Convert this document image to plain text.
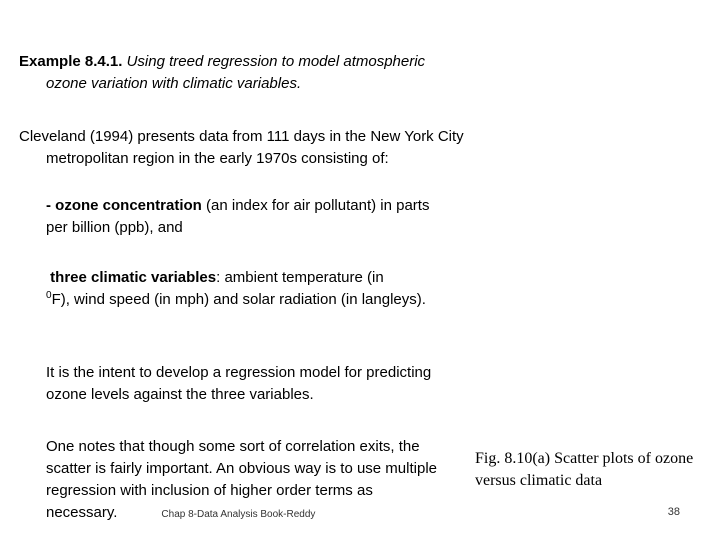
Example 8.4.1. Using treed regression to model atmospheric ozone variation with climatic variables.
Cleveland (1994) presents data from 111 days in the New York City metropolitan region in the early 1970s consisting of:
- ozone concentration (an index for air pollutant) in parts per billion (ppb), and
three climatic variables: ambient temperature (in
$^0$F), wind speed (in mph) and solar radiation (in langleys).
It is the intent to develop a regression model for predicting ozone levels against the three variables.
One notes that though some sort of correlation exits, the scatter is fairly important. An obvious way is to use multiple regression with inclusion of higher order terms as necessary.	Chap 8-Data Analysis Book-Reddy
Fig. 8.10(a) Scatter plots of ozone versus climatic data
38
